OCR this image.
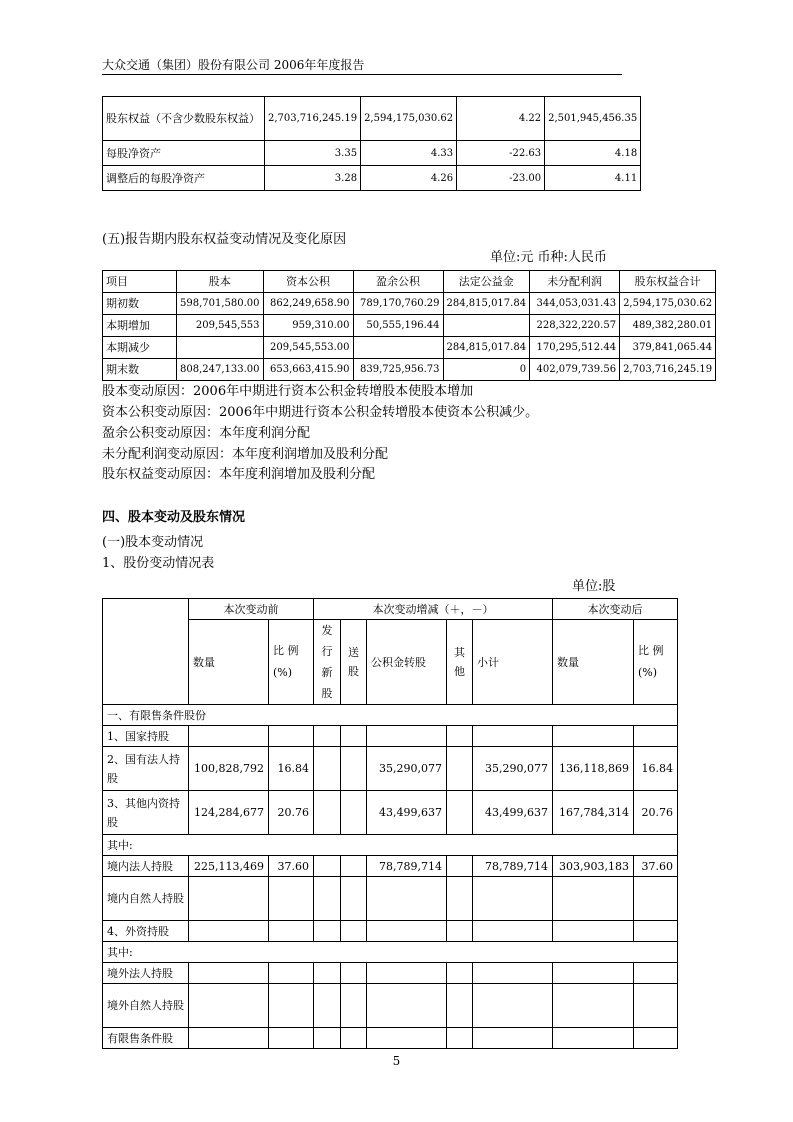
大众交通（集团）股份有限公司 2006年年度报告
股东权益（不含少数股东权益）	2,703,716,245.19	2,594,175,030.62	4.22	2,501,945,456.35
每股净资产	3.35	4.33	-22.63	4.18
调整后的每股净资产	3.28	4.26	-23.00	4.11
(五)报告期内股东权益变动情况及变化原因
单位:元 币种:人民币
项目	股本	资本公积	盈余公积	法定公益金	未分配利润	股东权益合计
期初数	598,701,580.00	862,249,658.90	789,170,760.29	284,815,017.84	344,053,031.43	2,594,175,030.62
本期增加	209,545,553	959,310.00	50,555,196.44		228,322,220.57	489,382,280.01
本期减少		209,545,553.00		284,815,017.84	170,295,512.44	379,841,065.44
期末数	808,247,133.00	653,663,415.90	839,725,956.73	0	402,079,739.56	2,703,716,245.19
股本变动原因：2006年中期进行资本公积金转增股本使股本增加
资本公积变动原因：2006年中期进行资本公积金转增股本使资本公积减少。
盈余公积变动原因：本年度利润分配
未分配利润变动原因：本年度利润增加及股利分配
股东权益变动原因：本年度利润增加及股利分配
四、股本变动及股东情况
(一)股本变动情况
1、股份变动情况表
单位:股
	本次变动前		本次变动增减（＋，－）					本次变动后	
	数量	比 例 (%)	发行新股	送股	公积金转股	其他	小计	数量	比 例 (%)
一、有限售条件股份									
1、国家持股									
2、国有法人持股	100,828,792	16.84			35,290,077		35,290,077	136,118,869	16.84
3、其他内资持股	124,284,677	20.76			43,499,637		43,499,637	167,784,314	20.76
其中:									
境内法人持股	225,113,469	37.60			78,789,714		78,789,714	303,903,183	37.60
境内自然人持股									
4、外资持股									
其中:									
境外法人持股									
境外自然人持股									
有限售条件股									
5
